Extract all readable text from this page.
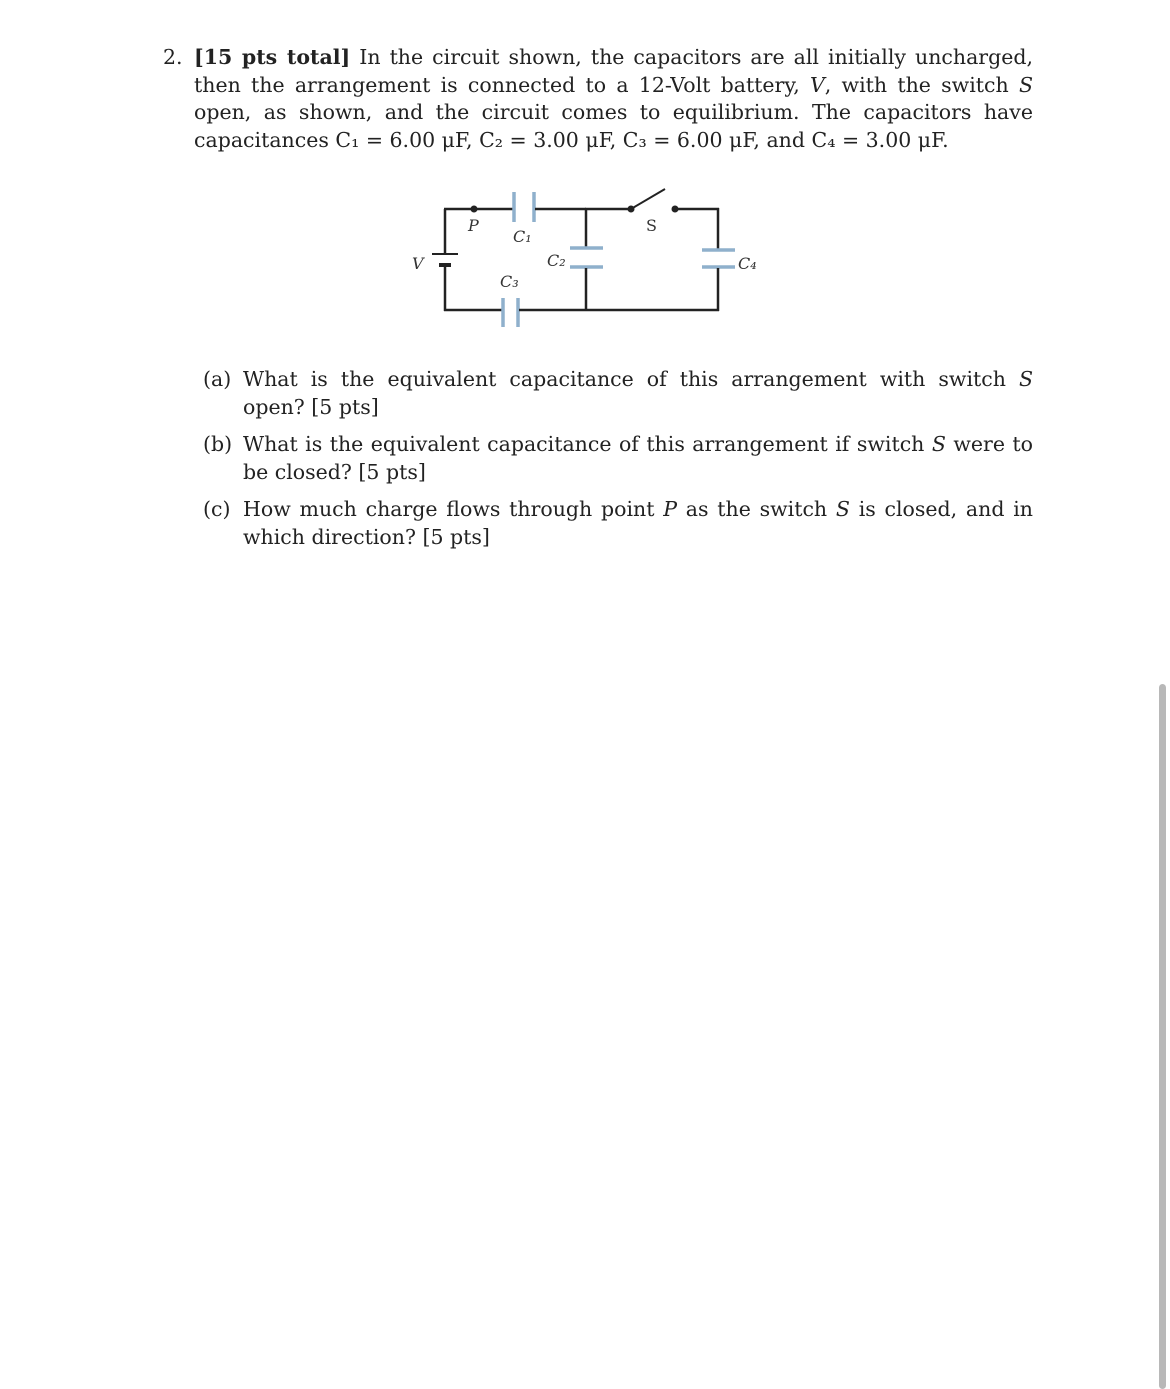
2. [15 pts total] In the circuit shown, the capacitors are all initially uncharged, then the arrangement is connected to a 12-Volt battery, V, with the switch S open, as shown, and the circuit comes to equilibrium. The capacitors have capacitances C₁ = 6.00 μF, C₂ = 3.00 μF, C₃ = 6.00 μF, and C₄ = 3.00 μF.
P
C₁
C₂
C₃
C₄
S
V
(a) What is the equivalent capacitance of this arrangement with switch S open? [5 pts]
(b) What is the equivalent capacitance of this arrangement if switch S were to be closed? [5 pts]
(c) How much charge flows through point P as the switch S is closed, and in which direction? [5 pts]
